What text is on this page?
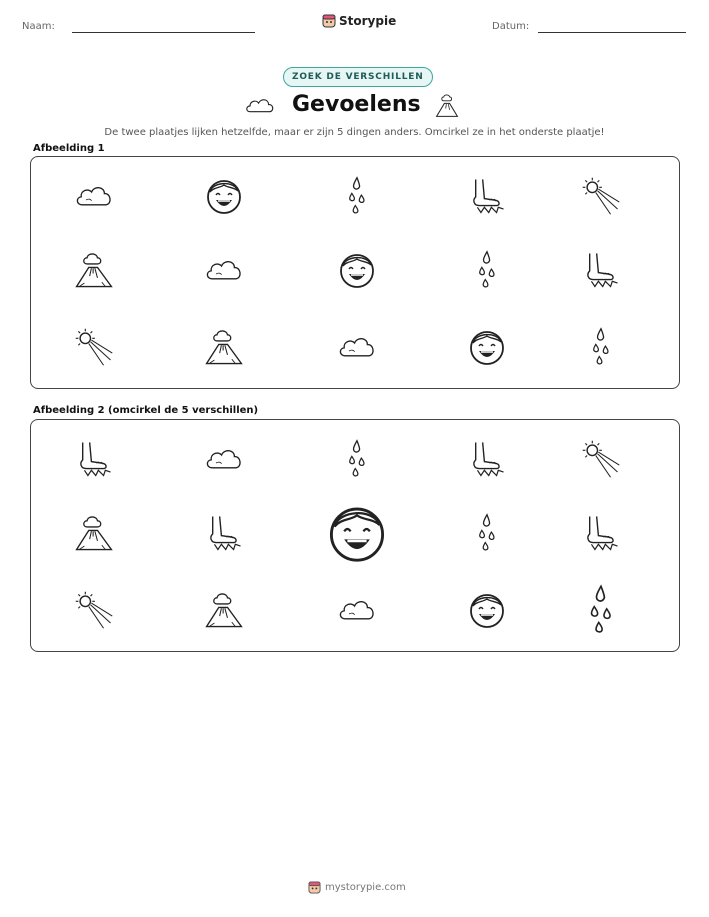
Naam:	Storypie	Datum:
ZOEK DE VERSCHILLEN
Gevoelens
De twee plaatjes lijken hetzelfde, maar er zijn 5 dingen anders. Omcirkel ze in het onderste plaatje!
Afbeelding 1
Afbeelding 2 (omcirkel de 5 verschillen)
mystorypie.com
